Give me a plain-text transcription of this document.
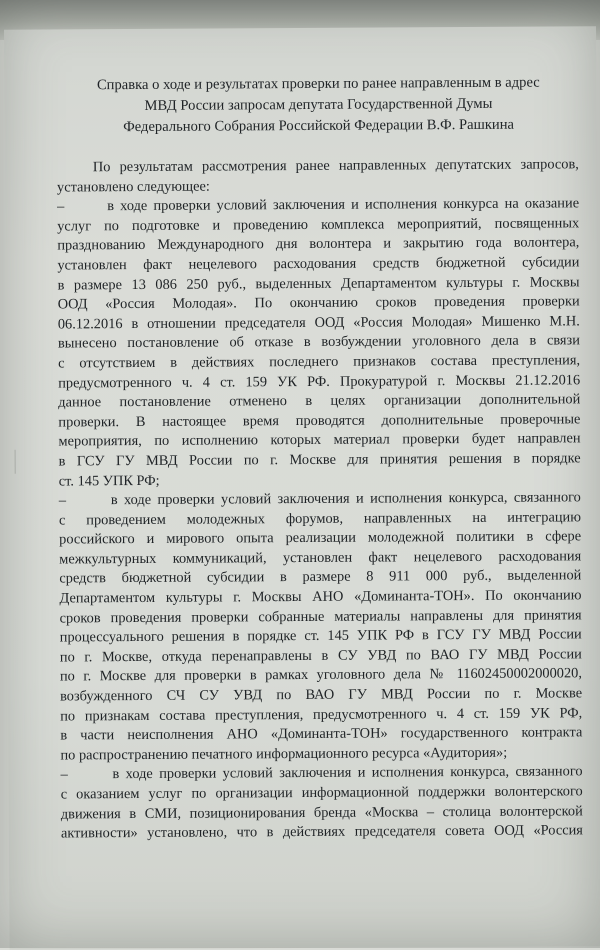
Справка о ходе и результатах проверки по ранее направленным в адрес
МВД России запросам депутата Государственной Думы
Федерального Собрания Российской Федерации В.Ф. Рашкина
По результатам рассмотрения ранее направленных депутатских запросов,
установлено следующее:
–       в ходе проверки условий заключения и исполнения конкурса на оказание
услуг по подготовке и проведению комплекса мероприятий, посвященных
празднованию Международного дня волонтера и закрытию года волонтера,
установлен факт нецелевого расходования средств бюджетной субсидии
в размере 13 086 250 руб., выделенных Департаментом культуры г. Москвы
ООД «Россия Молодая». По окончанию сроков проведения проверки
06.12.2016 в отношении председателя ООД «Россия Молодая» Мишенко М.Н.
вынесено постановление об отказе в возбуждении уголовного дела в связи
с отсутствием в действиях последнего признаков состава преступления,
предусмотренного ч. 4 ст. 159 УК РФ. Прокуратурой г. Москвы 21.12.2016
данное постановление отменено в целях организации дополнительной
проверки. В настоящее время проводятся дополнительные проверочные
мероприятия, по исполнению которых материал проверки будет направлен
в ГСУ ГУ МВД России по г. Москве для принятия решения в порядке
ст. 145 УПК РФ;
–       в ходе проверки условий заключения и исполнения конкурса, связанного
с проведением молодежных форумов, направленных на интеграцию
российского и мирового опыта реализации молодежной политики в сфере
межкультурных коммуникаций, установлен факт нецелевого расходования
средств бюджетной субсидии в размере 8 911 000 руб., выделенной
Департаментом культуры г. Москвы АНО «Доминанта-ТОН». По окончанию
сроков проведения проверки собранные материалы направлены для принятия
процессуального решения в порядке ст. 145 УПК РФ в ГСУ ГУ МВД России
по г. Москве, откуда перенаправлены в СУ УВД по ВАО ГУ МВД России
по г. Москве для проверки в рамках уголовного дела № 11602450002000020,
возбужденного СЧ СУ УВД по ВАО ГУ МВД России по г. Москве
по признакам состава преступления, предусмотренного ч. 4 ст. 159 УК РФ,
в части неисполнения АНО «Доминанта-ТОН» государственного контракта
по распространению печатного информационного ресурса «Аудитория»;
–       в ходе проверки условий заключения и исполнения конкурса, связанного
с оказанием услуг по организации информационной поддержки волонтерского
движения в СМИ, позиционирования бренда «Москва – столица волонтерской
активности» установлено, что в действиях председателя совета ООД «Россия
